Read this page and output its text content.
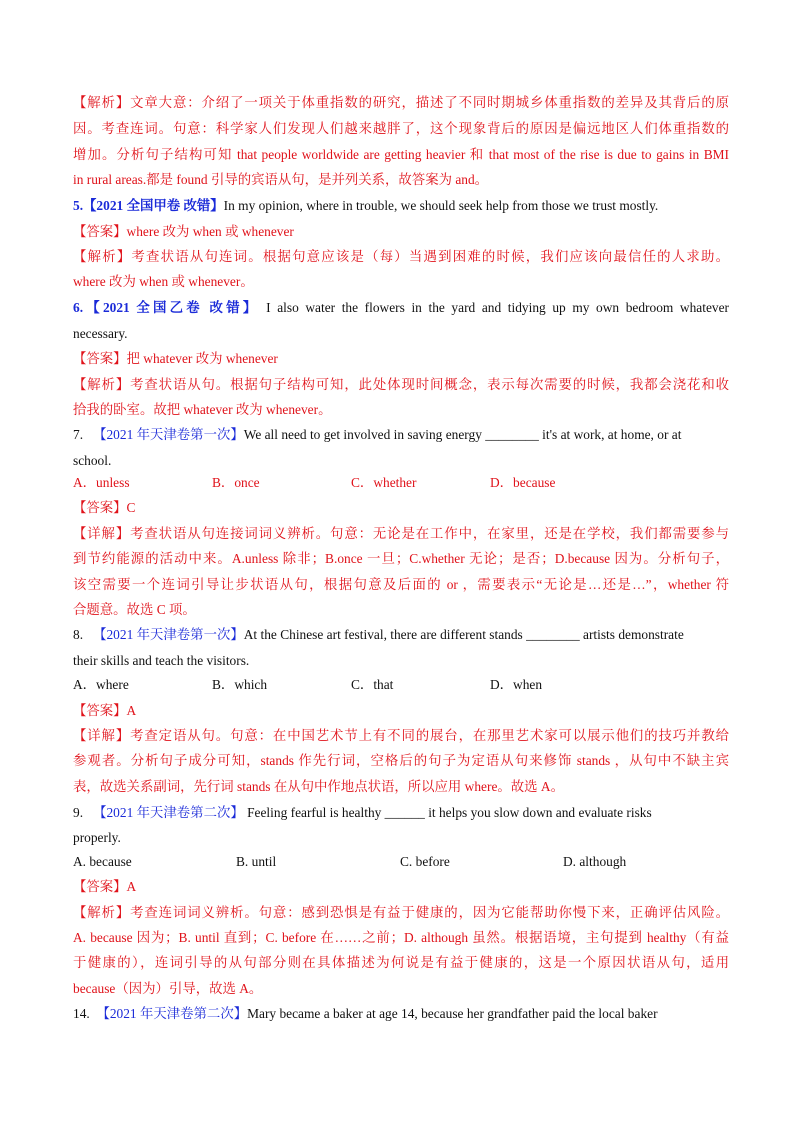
【解析】文章大意：介绍了一项关于体重指数的研究，描述了不同时期城乡体重指数的差异及其背后的原
因。考查连词。句意：科学家人们发现人们越来越胖了，这个现象背后的原因是偏远地区人们体重指数的
增加。分析句子结构可知 that people worldwide are getting heavier 和 that most of the rise is due to gains in BMI
in rural areas.都是 found 引导的宾语从句，是并列关系，故答案为 and。
5.【2021 全国甲卷 改错】In my opinion, where in trouble, we should seek help from those we trust mostly.
【答案】where 改为 when 或 whenever
【解析】考查状语从句连词。根据句意应该是（每）当遇到困难的时候，我们应该向最信任的人求助。
where 改为 when 或 whenever。
6.【2021 全国乙卷 改错】 I also water the flowers in the yard and tidying up my own bedroom whatever
necessary.
【答案】把 whatever 改为 whenever
【解析】考查状语从句。根据句子结构可知，此处体现时间概念，表示每次需要的时候，我都会浇花和收
拾我的卧室。故把 whatever 改为 whenever。
7. 【2021 年天津卷第一次】We all need to get involved in saving energy ________ it's at work, at home, or at
school.
A．unless	B．once	C．whether	D．because
【答案】C
【详解】考查状语从句连接词词义辨析。句意：无论是在工作中，在家里，还是在学校，我们都需要参与
到节约能源的活动中来。A.unless 除非；B.once 一旦；C.whether 无论；是否；D.because 因为。分析句子，
该空需要一个连词引导让步状语从句，根据句意及后面的 or ，需要表示“无论是…还是…”，whether 符
合题意。故选 C 项。
8. 【2021 年天津卷第一次】At the Chinese art festival, there are different stands ________ artists demonstrate
their skills and teach the visitors.
A．where	B．which	C．that	D．when
【答案】A
【详解】考查定语从句。句意：在中国艺术节上有不同的展台，在那里艺术家可以展示他们的技巧并教给
参观者。分析句子成分可知，stands 作先行词，空格后的句子为定语从句来修饰 stands ，从句中不缺主宾
表，故选关系副词，先行词 stands 在从句中作地点状语，所以应用 where。故选 A。
9. 【2021 年天津卷第二次】 Feeling fearful is healthy ______ it helps you slow down and evaluate risks
properly.
A. because	B. until	C. before	D. although
【答案】A
【解析】考查连词词义辨析。句意：感到恐惧是有益于健康的，因为它能帮助你慢下来，正确评估风险。
A. because 因为；B. until 直到；C. before 在……之前；D. although 虽然。根据语境，主句提到 healthy（有益
于健康的），连词引导的从句部分则在具体描述为何说是有益于健康的，这是一个原因状语从句，适用
because（因为）引导，故选 A。
14. 【2021 年天津卷第二次】Mary became a baker at age 14, because her grandfather paid the local baker
